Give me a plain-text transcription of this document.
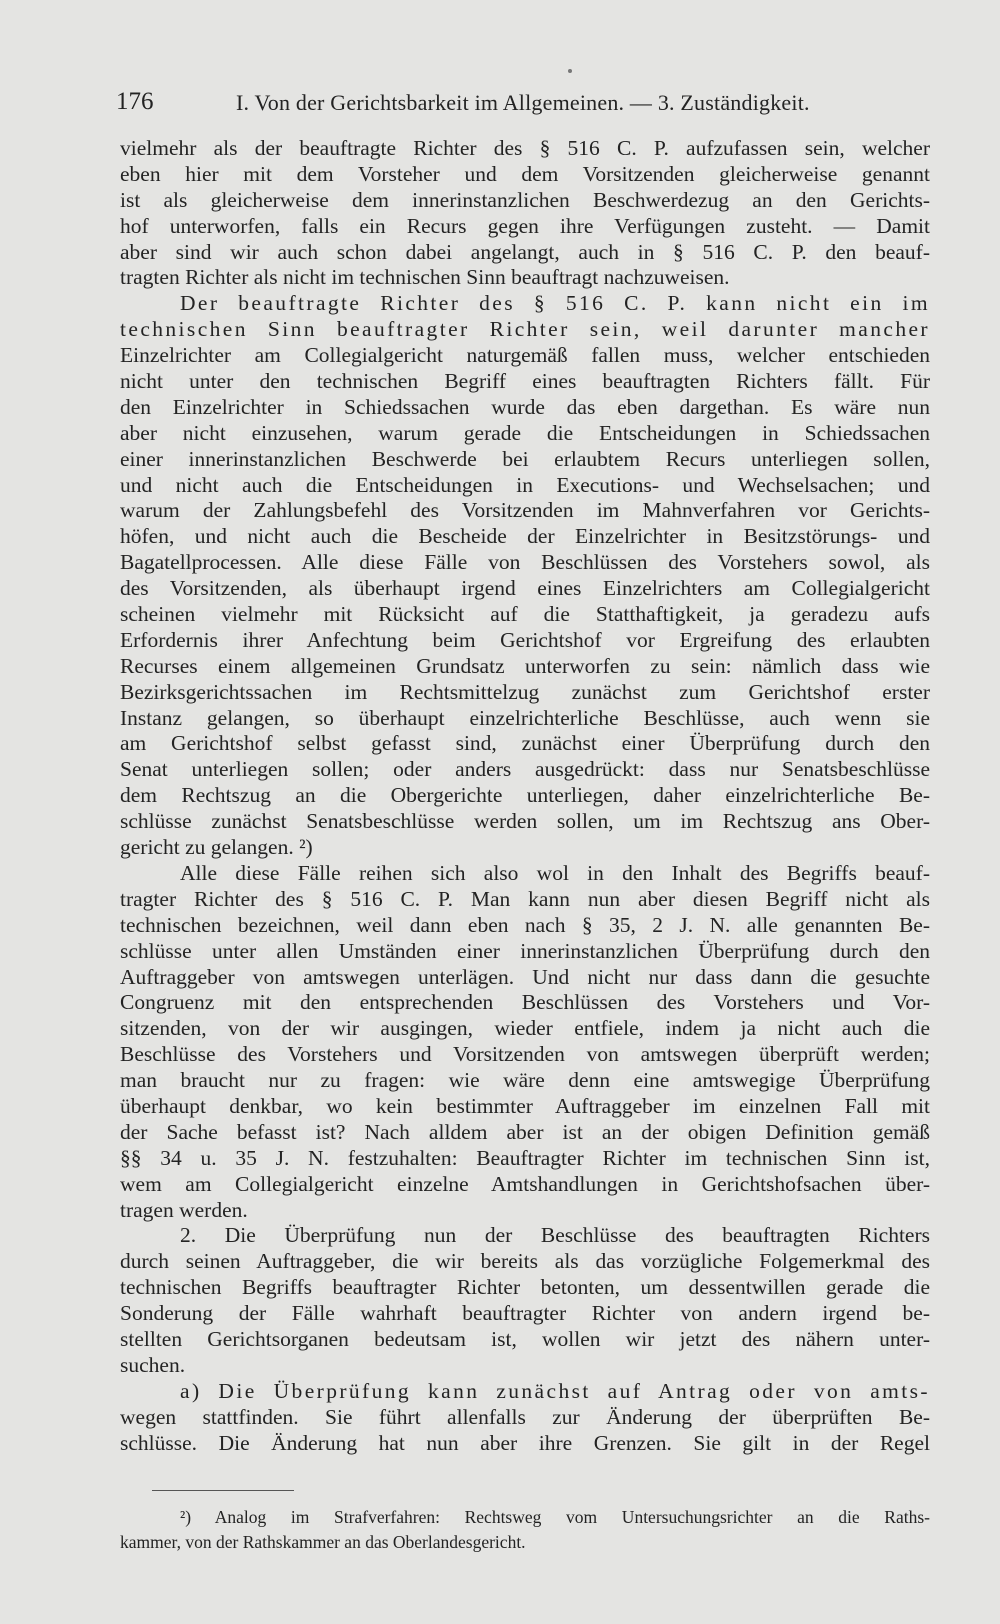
176	I. Von der Gerichtsbarkeit im Allgemeinen. — 3. Zuständigkeit.
vielmehr als der beauftragte Richter des § 516 C. P. aufzufassen sein, welcher
eben hier mit dem Vorsteher und dem Vorsitzenden gleicherweise genannt
ist als gleicherweise dem innerinstanzlichen Beschwerdezug an den Gerichts-
hof unterworfen, falls ein Recurs gegen ihre Verfügungen zusteht. — Damit
aber sind wir auch schon dabei angelangt, auch in § 516 C. P. den beauf-
tragten Richter als nicht im technischen Sinn beauftragt nachzuweisen.
Der beauftragte Richter des § 516 C. P. kann nicht ein im
technischen Sinn beauftragter Richter sein, weil darunter mancher
Einzelrichter am Collegialgericht naturgemäß fallen muss, welcher entschieden
nicht unter den technischen Begriff eines beauftragten Richters fällt. Für
den Einzelrichter in Schiedssachen wurde das eben dargethan. Es wäre nun
aber nicht einzusehen, warum gerade die Entscheidungen in Schiedssachen
einer innerinstanzlichen Beschwerde bei erlaubtem Recurs unterliegen sollen,
und nicht auch die Entscheidungen in Executions- und Wechselsachen; und
warum der Zahlungsbefehl des Vorsitzenden im Mahnverfahren vor Gerichts-
höfen, und nicht auch die Bescheide der Einzelrichter in Besitzstörungs- und
Bagatellprocessen. Alle diese Fälle von Beschlüssen des Vorstehers sowol, als
des Vorsitzenden, als überhaupt irgend eines Einzelrichters am Collegialgericht
scheinen vielmehr mit Rücksicht auf die Statthaftigkeit, ja geradezu aufs
Erfordernis ihrer Anfechtung beim Gerichtshof vor Ergreifung des erlaubten
Recurses einem allgemeinen Grundsatz unterworfen zu sein: nämlich dass wie
Bezirksgerichtssachen im Rechtsmittelzug zunächst zum Gerichtshof erster
Instanz gelangen, so überhaupt einzelrichterliche Beschlüsse, auch wenn sie
am Gerichtshof selbst gefasst sind, zunächst einer Überprüfung durch den
Senat unterliegen sollen; oder anders ausgedrückt: dass nur Senatsbeschlüsse
dem Rechtszug an die Obergerichte unterliegen, daher einzelrichterliche Be-
schlüsse zunächst Senatsbeschlüsse werden sollen, um im Rechtszug ans Ober-
gericht zu gelangen. ²)
Alle diese Fälle reihen sich also wol in den Inhalt des Begriffs beauf-
tragter Richter des § 516 C. P. Man kann nun aber diesen Begriff nicht als
technischen bezeichnen, weil dann eben nach § 35, 2 J. N. alle genannten Be-
schlüsse unter allen Umständen einer innerinstanzlichen Überprüfung durch den
Auftraggeber von amtswegen unterlägen. Und nicht nur dass dann die gesuchte
Congruenz mit den entsprechenden Beschlüssen des Vorstehers und Vor-
sitzenden, von der wir ausgingen, wieder entfiele, indem ja nicht auch die
Beschlüsse des Vorstehers und Vorsitzenden von amtswegen überprüft werden;
man braucht nur zu fragen: wie wäre denn eine amtswegige Überprüfung
überhaupt denkbar, wo kein bestimmter Auftraggeber im einzelnen Fall mit
der Sache befasst ist? Nach alldem aber ist an der obigen Definition gemäß
§§ 34 u. 35 J. N. festzuhalten: Beauftragter Richter im technischen Sinn ist,
wem am Collegialgericht einzelne Amtshandlungen in Gerichtshofsachen über-
tragen werden.
2. Die Überprüfung nun der Beschlüsse des beauftragten Richters
durch seinen Auftraggeber, die wir bereits als das vorzügliche Folgemerkmal des
technischen Begriffs beauftragter Richter betonten, um dessentwillen gerade die
Sonderung der Fälle wahrhaft beauftragter Richter von andern irgend be-
stellten Gerichtsorganen bedeutsam ist, wollen wir jetzt des nähern unter-
suchen.
a) Die Überprüfung kann zunächst auf Antrag oder von amts-
wegen stattfinden. Sie führt allenfalls zur Änderung der überprüften Be-
schlüsse. Die Änderung hat nun aber ihre Grenzen. Sie gilt in der Regel
²) Analog im Strafverfahren: Rechtsweg vom Untersuchungsrichter an die Raths-
kammer, von der Rathskammer an das Oberlandesgericht.
